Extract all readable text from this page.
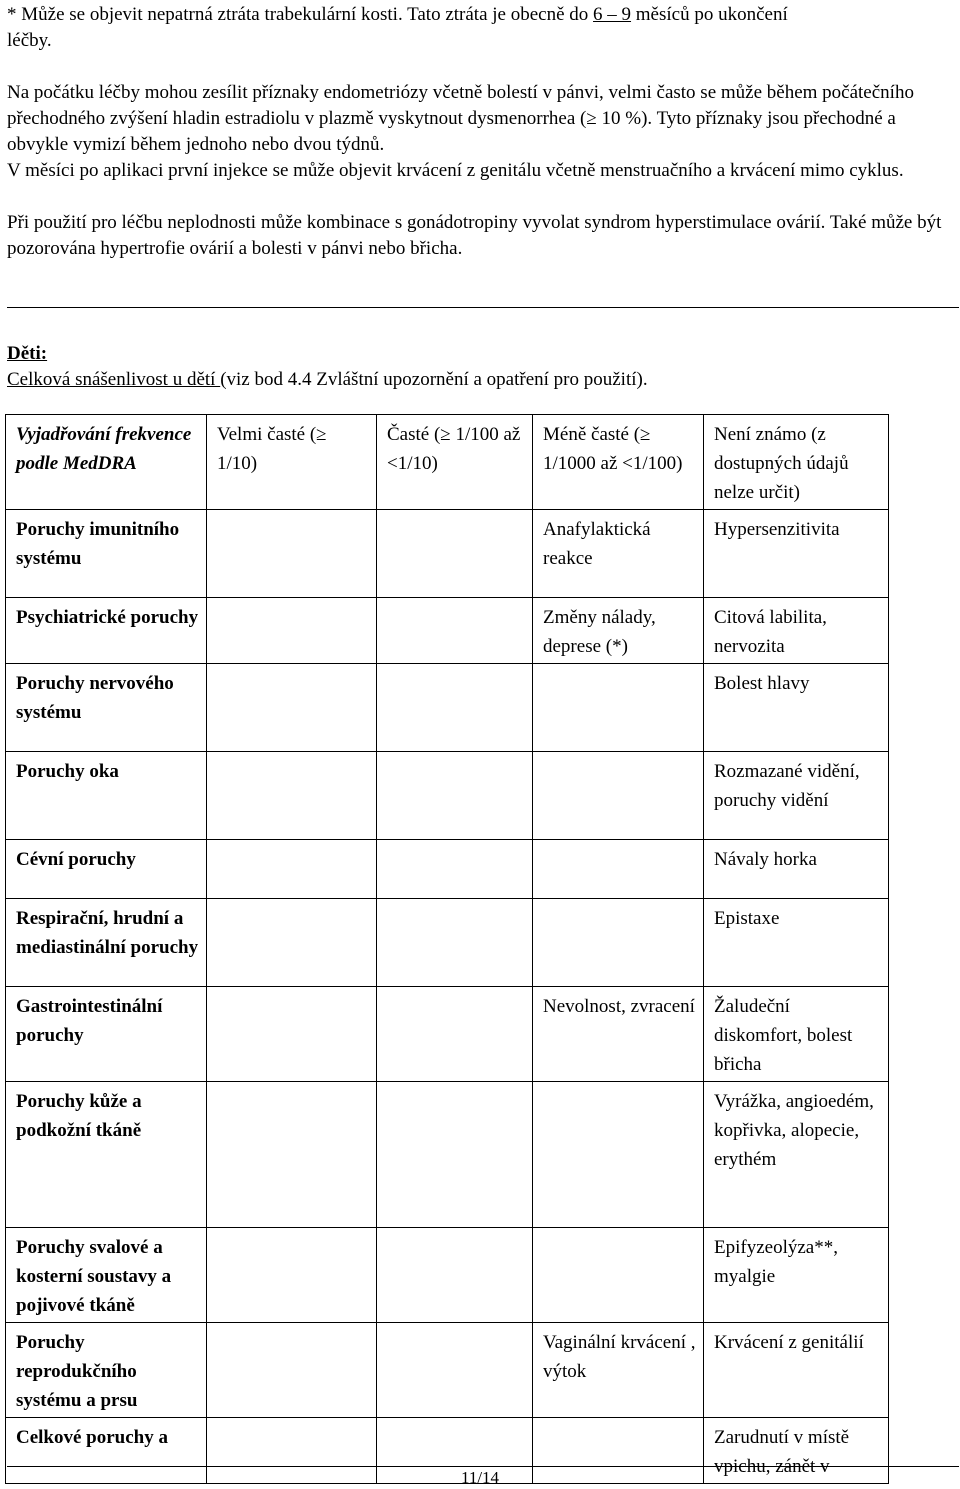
* Může se objevit nepatrná ztráta trabekulární kosti. Tato ztráta je obecně do 6 – 9 měsíců po ukončení
léčby.
Na počátku léčby mohou zesílit příznaky endometriózy včetně bolestí v pánvi, velmi často se může během počátečního přechodného zvýšení hladin estradiolu v plazmě vyskytnout dysmenorrhea (≥ 10 %). Tyto příznaky jsou přechodné a obvykle vymizí během jednoho nebo dvou týdnů.
V měsíci po aplikaci první injekce se může objevit krvácení z genitálu včetně menstruačního a krvácení mimo cyklus.
Při použití pro léčbu neplodnosti může kombinace s gonádotropiny vyvolat syndrom hyperstimulace ovárií. Také může být pozorována hypertrofie ovárií a bolesti v pánvi nebo břicha.
Děti:
Celková snášenlivost u dětí (viz bod 4.4 Zvláštní upozornění a opatření pro použití).
Vyjadřování frekvence podle MedDRA	Velmi časté (≥ 1/10)	Časté (≥ 1/100 až <1/10)	Méně časté (≥ 1/1000 až <1/100)	Není známo (z dostupných údajů nelze určit)
Poruchy imunitního systému			Anafylaktická reakce	Hypersenzitivita
Psychiatrické poruchy			Změny nálady, deprese (*)	Citová labilita, nervozita
Poruchy nervového systému				Bolest hlavy
Poruchy oka				Rozmazané vidění, poruchy vidění
Cévní poruchy				Návaly horka
Respirační, hrudní a mediastinální poruchy				Epistaxe
Gastrointestinální poruchy			Nevolnost, zvracení	Žaludeční diskomfort, bolest břicha
Poruchy kůže a podkožní tkáně				Vyrážka, angioedém, kopřivka, alopecie, erythém
Poruchy svalové a kosterní soustavy a pojivové tkáně				Epifyzeolýza**, myalgie
Poruchy reprodukčního systému a prsu			Vaginální krvácení , výtok	Krvácení z genitálií
Celkové poruchy a				Zarudnutí v místě vpichu, zánět v
11/14
